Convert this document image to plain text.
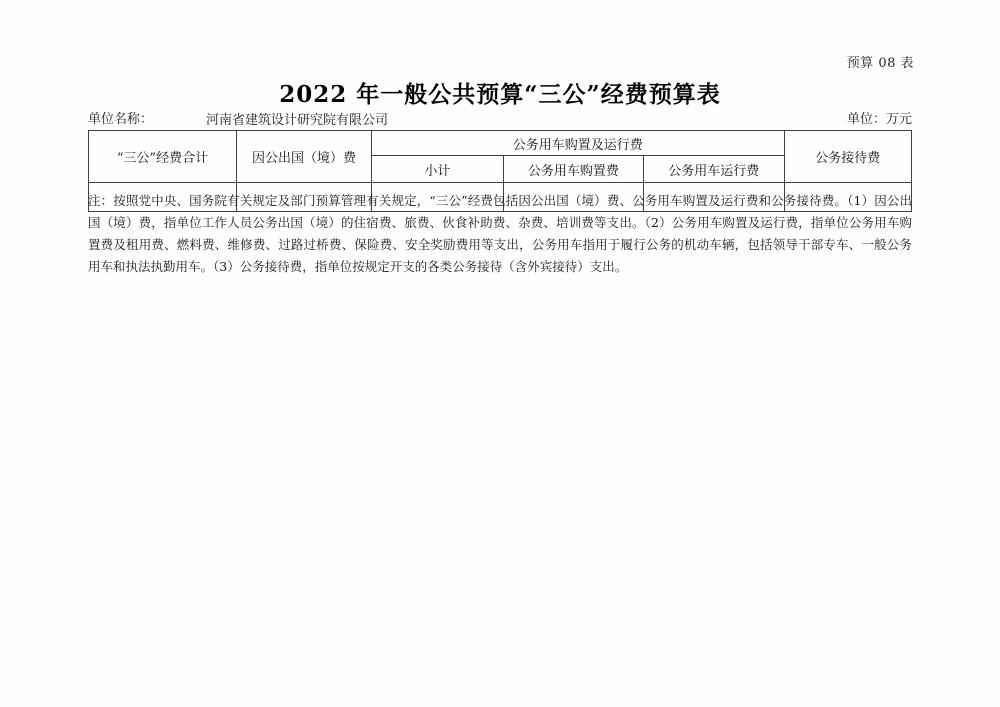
预算 08 表
2022 年一般公共预算“三公”经费预算表
单位名称：	河南省建筑设计研究院有限公司	单位：万元
“三公”经费合计	因公出国（境）费	公务用车购置及运行费			公务接待费
		小计	公务用车购置费	公务用车运行费	

注：按照党中央、国务院有关规定及部门预算管理有关规定，“三公”经费包括因公出国（境）费、公务用车购置及运行费和公务接待费。（1）因公出国（境）费，指单位工作人员公务出国（境）的住宿费、旅费、伙食补助费、杂费、培训费等支出。（2）公务用车购置及运行费，指单位公务用车购置费及租用费、燃料费、维修费、过路过桥费、保险费、安全奖励费用等支出，公务用车指用于履行公务的机动车辆，包括领导干部专车、一般公务用车和执法执勤用车。（3）公务接待费，指单位按规定开支的各类公务接待（含外宾接待）支出。
